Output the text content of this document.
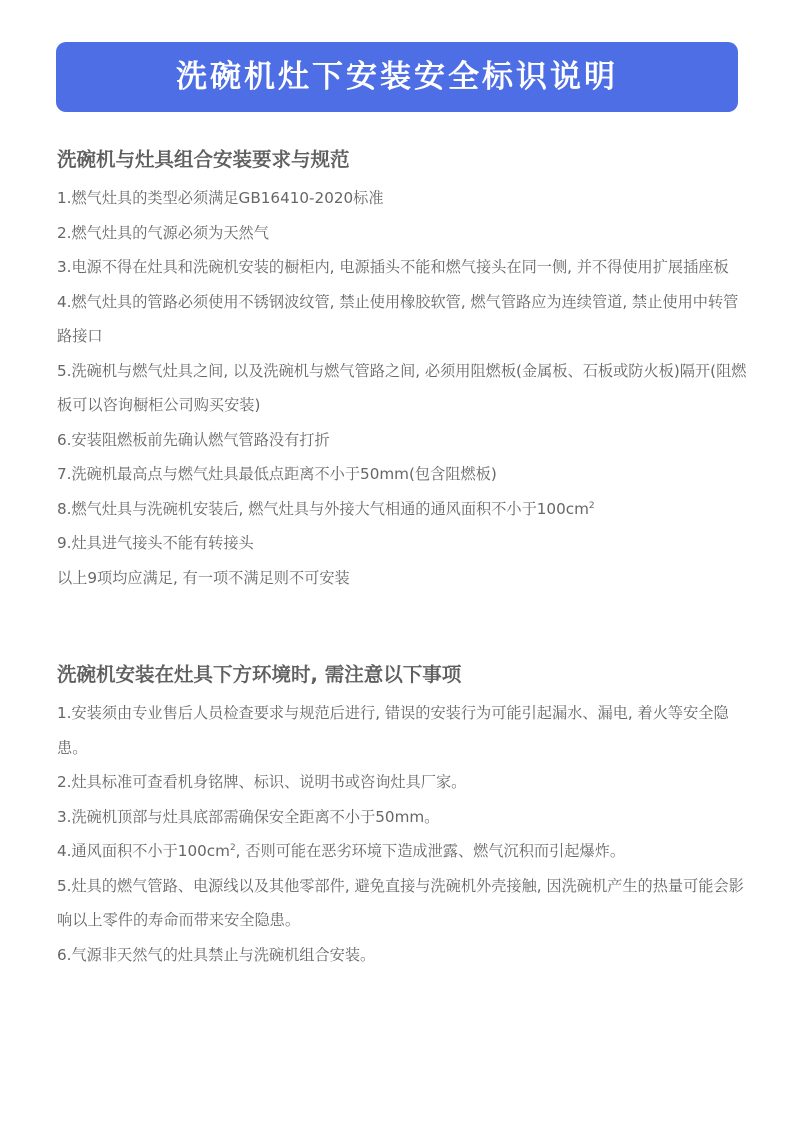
洗碗机灶下安装安全标识说明
洗碗机与灶具组合安装要求与规范
1.燃气灶具的类型必须满足GB16410-2020标准
2.燃气灶具的气源必须为天然气
3.电源不得在灶具和洗碗机安装的橱柜内, 电源插头不能和燃气接头在同一侧, 并不得使用扩展插座板
4.燃气灶具的管路必须使用不锈钢波纹管, 禁止使用橡胶软管, 燃气管路应为连续管道, 禁止使用中转管路接口
5.洗碗机与燃气灶具之间, 以及洗碗机与燃气管路之间, 必须用阻燃板(金属板、石板或防火板)隔开(阻燃板可以咨询橱柜公司购买安装)
6.安装阻燃板前先确认燃气管路没有打折
7.洗碗机最高点与燃气灶具最低点距离不小于50mm(包含阻燃板)
8.燃气灶具与洗碗机安装后, 燃气灶具与外接大气相通的通风面积不小于$100cm^2$
9.灶具进气接头不能有转接头
以上9项均应满足, 有一项不满足则不可安装
洗碗机安装在灶具下方环境时, 需注意以下事项
1.安装须由专业售后人员检查要求与规范后进行, 错误的安装行为可能引起漏水、漏电, 着火等安全隐患。
2.灶具标准可查看机身铭牌、标识、说明书或咨询灶具厂家。
3.洗碗机顶部与灶具底部需确保安全距离不小于50mm。
4.通风面积不小于$100cm^2$, 否则可能在恶劣环境下造成泄露、燃气沉积而引起爆炸。
5.灶具的燃气管路、电源线以及其他零部件, 避免直接与洗碗机外壳接触, 因洗碗机产生的热量可能会影响以上零件的寿命而带来安全隐患。
6.气源非天然气的灶具禁止与洗碗机组合安装。
